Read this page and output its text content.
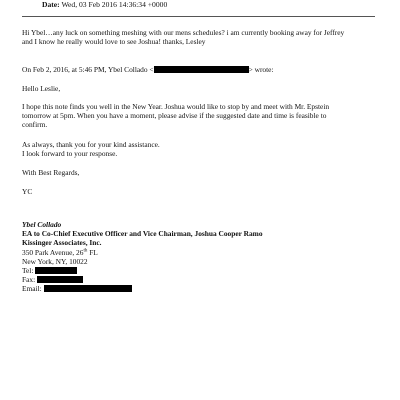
Date: Wed, 03 Feb 2016 14:36:34 +0000

Hi Ybel…any luck on something meshing with our mens schedules? i am currently booking away for Jeffrey

and I know he really would love to see Joshua! thanks, Lesley

On Feb 2, 2016, at 5:46 PM, Ybel Collado <	> wrote:

Hello Leslie,

I hope this note finds you well in the New Year. Joshua would like to stop by and meet with Mr. Epstein

tomorrow at 5pm. When you have a moment, please advise if the suggested date and time is feasible to

confirm.

As always, thank you for your kind assistance.

I look forward to your response.

With Best Regards,

YC

Ybel Collado

EA to Co-Chief Executive Officer and Vice Chairman, Joshua Cooper Ramo

Kissinger Associates, Inc.

350 Park Avenue, 26th FL

New York, NY, 10022

Tel:

Fax:

Email:
